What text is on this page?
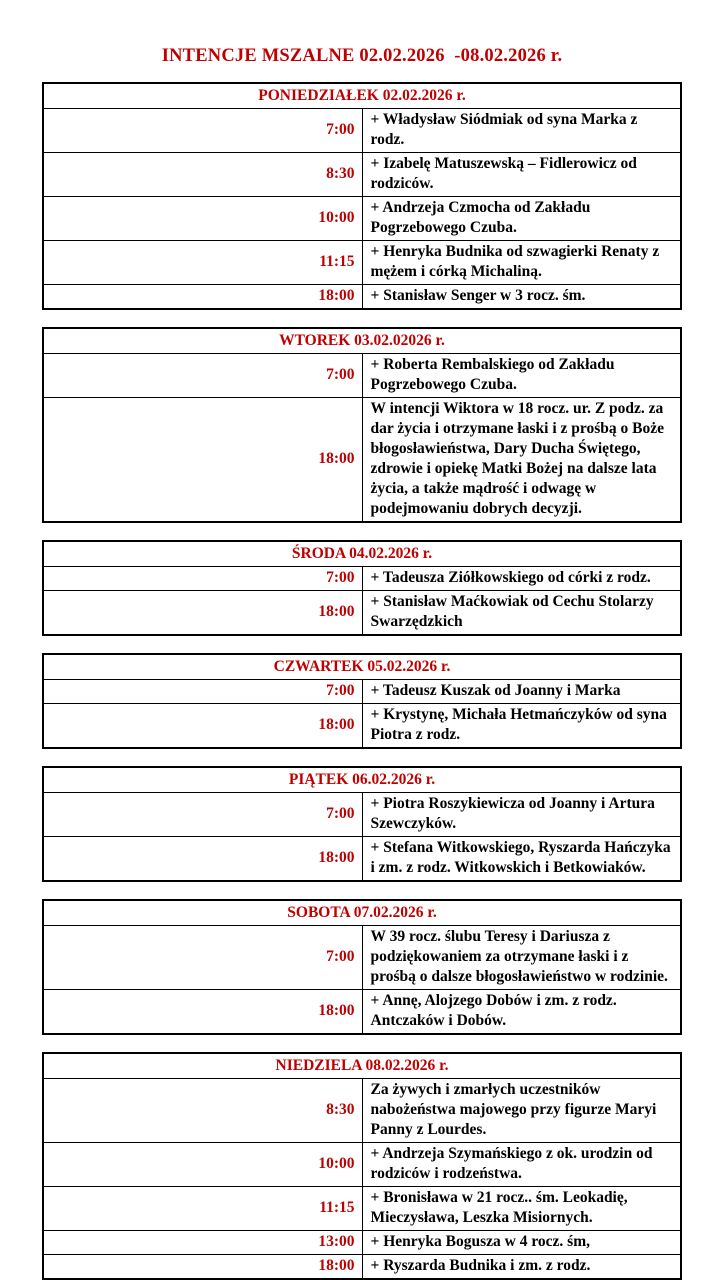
INTENCJE MSZALNE 02.02.2026  -08.02.2026 r.
PONIEDZIAŁEK 02.02.2026 r.	
7:00	+ Władysław Siódmiak od syna Marka z rodz.
8:30	+ Izabelę Matuszewską – Fidlerowicz od rodziców.
10:00	+ Andrzeja Czmocha od Zakładu Pogrzebowego Czuba.
11:15	+ Henryka Budnika od szwagierki Renaty z mężem i córką Michaliną.
18:00	+ Stanisław Senger w 3 rocz. śm.
WTOREK 03.02.02026 r.	
7:00	+ Roberta Rembalskiego od Zakładu Pogrzebowego Czuba.
18:00	W intencji Wiktora w 18 rocz. ur. Z podz. za dar życia i otrzymane łaski i z prośbą o Boże błogosławieństwa, Dary Ducha Świętego, zdrowie i opiekę Matki Bożej na dalsze lata życia, a także mądrość i odwagę w podejmowaniu dobrych decyzji.
ŚRODA 04.02.2026 r.	
7:00	+ Tadeusza Ziółkowskiego od córki z rodz.
18:00	+ Stanisław Maćkowiak od Cechu Stolarzy Swarzędzkich
CZWARTEK 05.02.2026 r.	
7:00	+ Tadeusz Kuszak od Joanny i Marka
18:00	+ Krystynę, Michała Hetmańczyków od syna Piotra z rodz.
PIĄTEK 06.02.2026 r.	
7:00	+ Piotra Roszykiewicza od Joanny i Artura Szewczyków.
18:00	+ Stefana Witkowskiego, Ryszarda Hańczyka i zm. z rodz. Witkowskich i Betkowiaków.
SOBOTA 07.02.2026 r.	
7:00	W 39 rocz. ślubu Teresy i Dariusza z podziękowaniem za otrzymane łaski i z prośbą o dalsze błogosławieństwo w rodzinie.
18:00	+ Annę, Alojzego Dobów i zm. z rodz. Antczaków i Dobów.
NIEDZIELA 08.02.2026 r.	
8:30	Za żywych i zmarłych uczestników nabożeństwa majowego przy figurze Maryi Panny z Lourdes.
10:00	+ Andrzeja Szymańskiego z ok. urodzin od rodziców i rodzeństwa.
11:15	+ Bronisława w 21 rocz.. śm. Leokadię, Mieczysława, Leszka Misiornych.
13:00	+ Henryka Bogusza w 4 rocz. śm,
18:00	+ Ryszarda Budnika i zm. z rodz.
